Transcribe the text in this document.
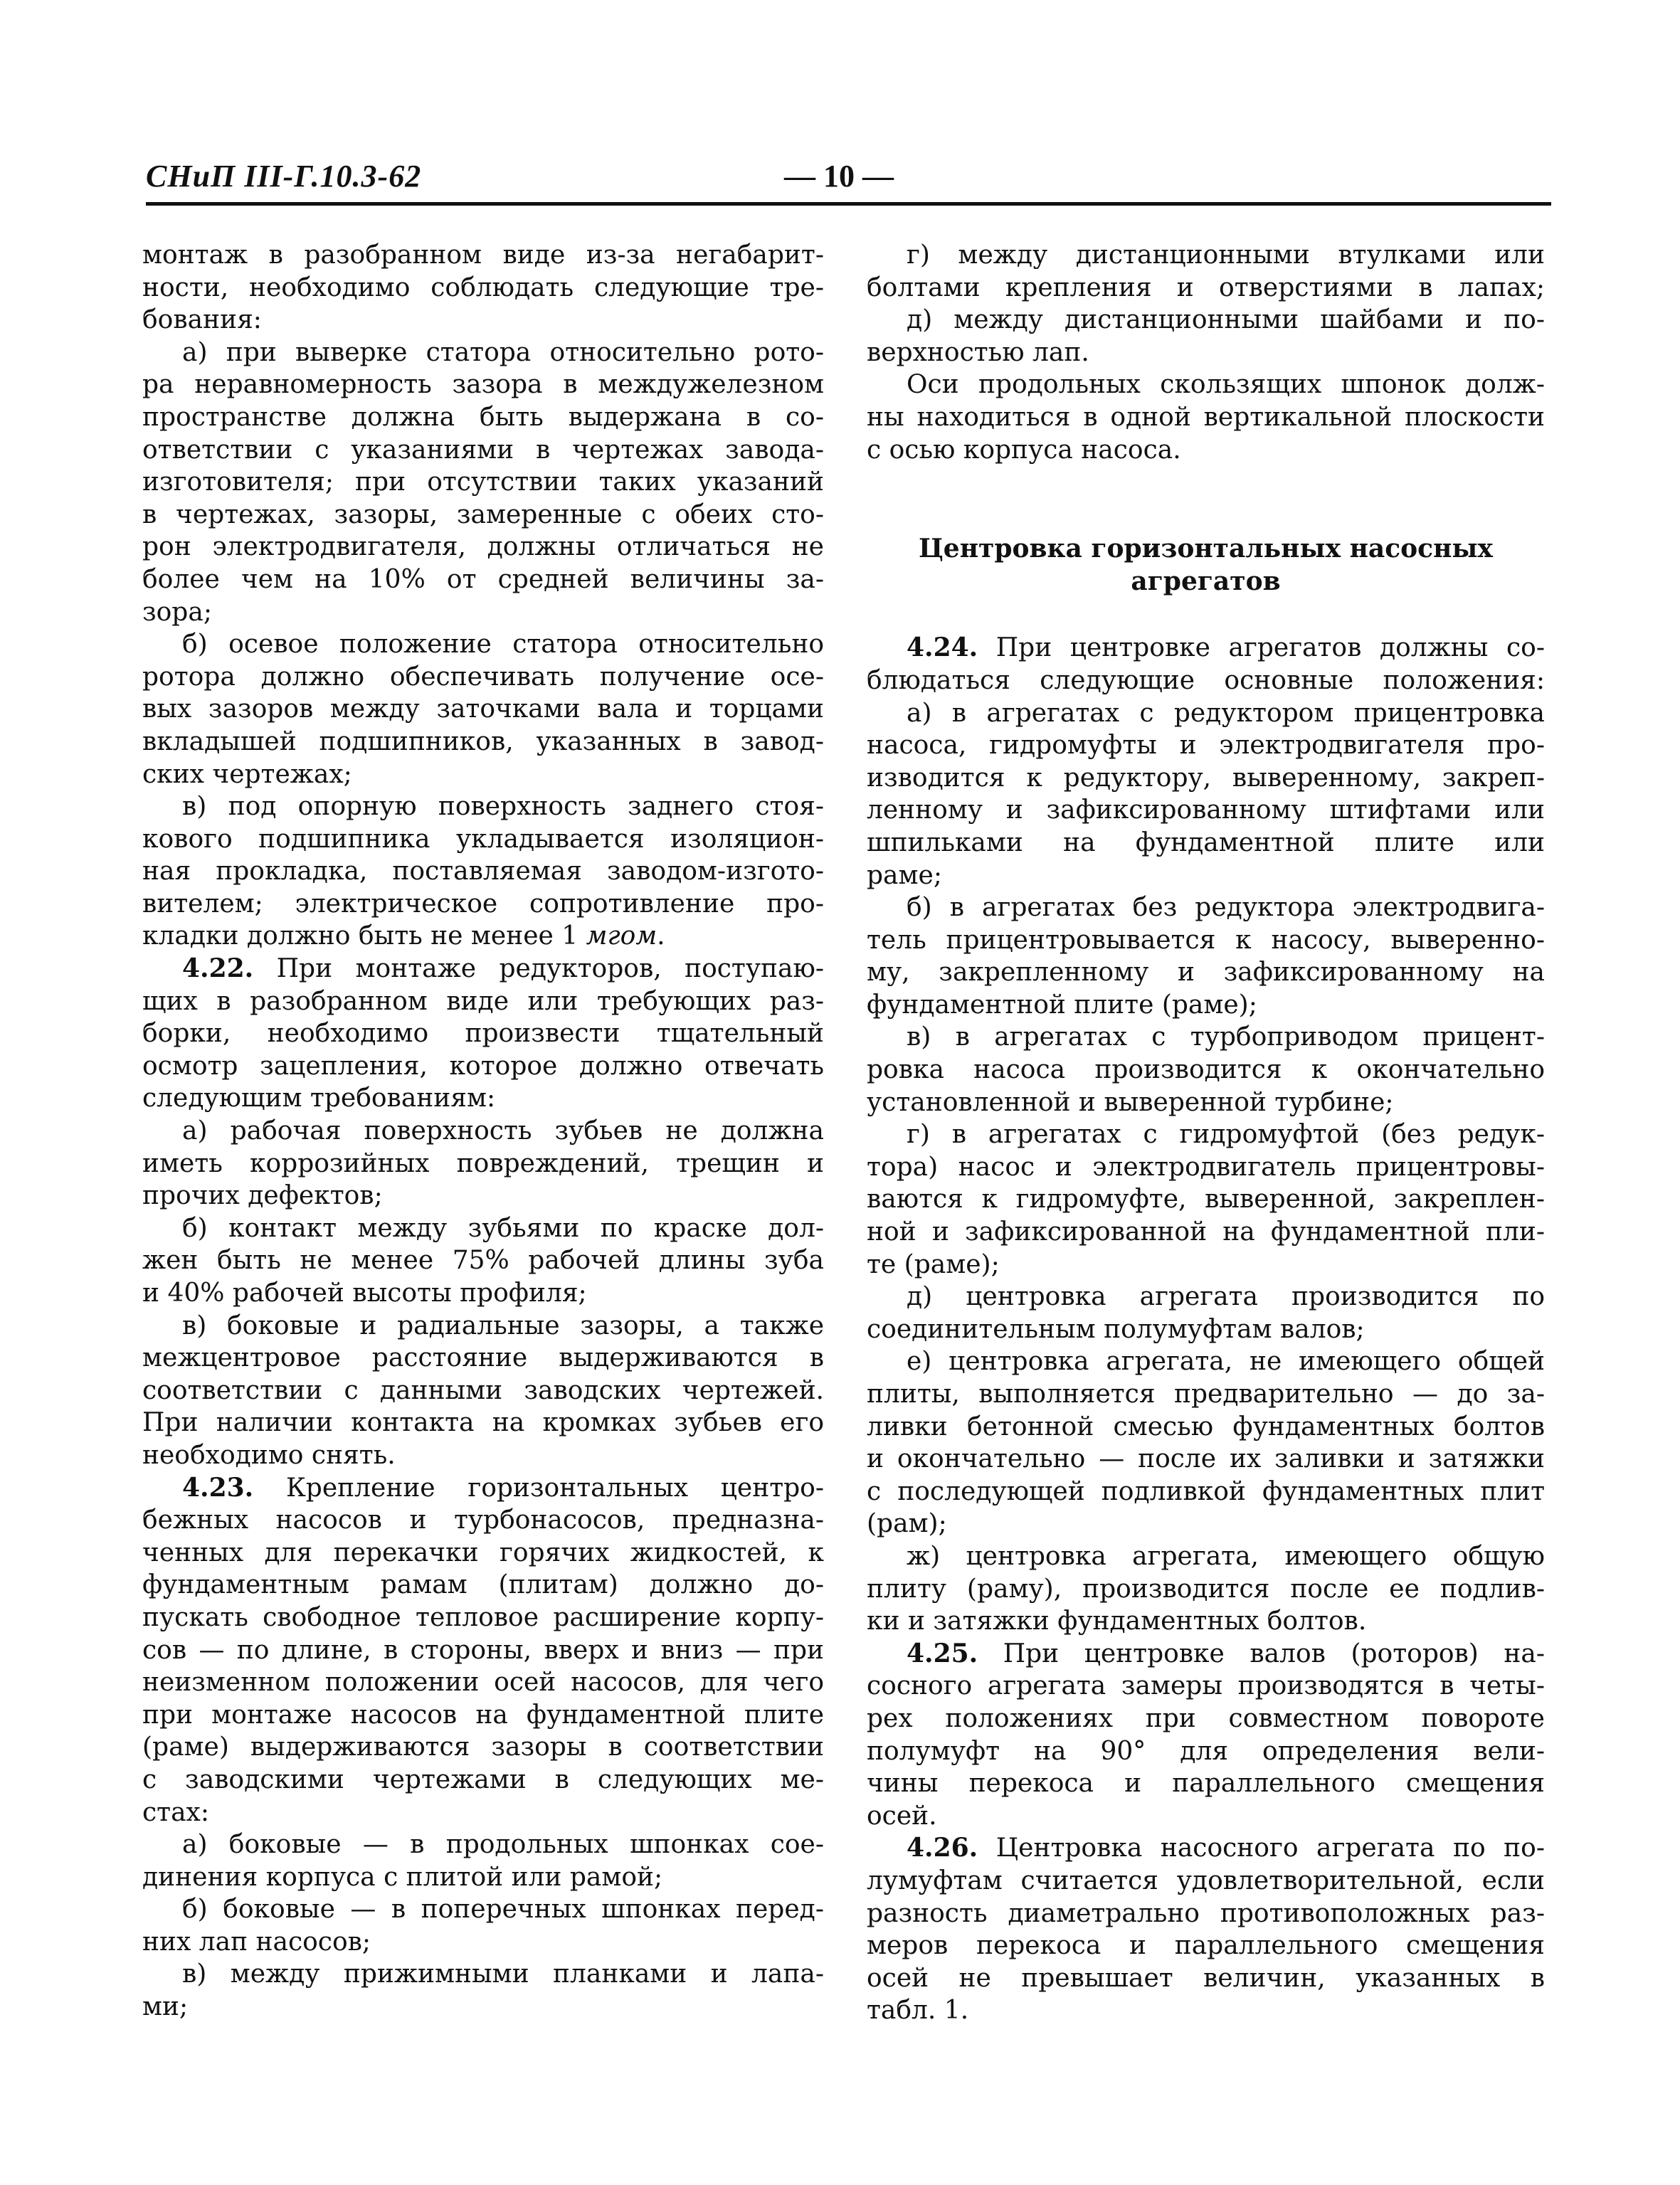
СНиП III-Г.10.3-62	— 10 —
монтаж в разобранном виде из-за негабарит-
ности, необходимо соблюдать следующие тре-
бования:
а) при выверке статора относительно рото-
ра неравномерность зазора в междужелезном
пространстве должна быть выдержана в со-
ответствии с указаниями в чертежах завода-
изготовителя; при отсутствии таких указаний
в чертежах, зазоры, замеренные с обеих сто-
рон электродвигателя, должны отличаться не
более чем на 10% от средней величины за-
зора;
б) осевое положение статора относительно
ротора должно обеспечивать получение осе-
вых зазоров между заточками вала и торцами
вкладышей подшипников, указанных в завод-
ских чертежах;
в) под опорную поверхность заднего стоя-
кового подшипника укладывается изоляцион-
ная прокладка, поставляемая заводом-изгото-
вителем; электрическое сопротивление про-
кладки должно быть не менее 1 мгом.
4.22. При монтаже редукторов, поступаю-
щих в разобранном виде или требующих раз-
борки, необходимо произвести тщательный
осмотр зацепления, которое должно отвечать
следующим требованиям:
а) рабочая поверхность зубьев не должна
иметь коррозийных повреждений, трещин и
прочих дефектов;
б) контакт между зубьями по краске дол-
жен быть не менее 75% рабочей длины зуба
и 40% рабочей высоты профиля;
в) боковые и радиальные зазоры, а также
межцентровое расстояние выдерживаются в
соответствии с данными заводских чертежей.
При наличии контакта на кромках зубьев его
необходимо снять.
4.23. Крепление горизонтальных центро-
бежных насосов и турбонасосов, предназна-
ченных для перекачки горячих жидкостей, к
фундаментным рамам (плитам) должно до-
пускать свободное тепловое расширение корпу-
сов — по длине, в стороны, вверх и вниз — при
неизменном положении осей насосов, для чего
при монтаже насосов на фундаментной плите
(раме) выдерживаются зазоры в соответствии
с заводскими чертежами в следующих ме-
стах:
а) боковые — в продольных шпонках сое-
динения корпуса с плитой или рамой;
б) боковые — в поперечных шпонках перед-
них лап насосов;
в) между прижимными планками и лапа-
ми;
г) между дистанционными втулками или
болтами крепления и отверстиями в лапах;
д) между дистанционными шайбами и по-
верхностью лап.
Оси продольных скользящих шпонок долж-
ны находиться в одной вертикальной плоскости
с осью корпуса насоса.
Центровка горизонтальных насосных
агрегатов
4.24. При центровке агрегатов должны со-
блюдаться следующие основные положения:
а) в агрегатах с редуктором прицентровка
насоса, гидромуфты и электродвигателя про-
изводится к редуктору, выверенному, закреп-
ленному и зафиксированному штифтами или
шпильками на фундаментной плите или
раме;
б) в агрегатах без редуктора электродвига-
тель прицентровывается к насосу, выверенно-
му, закрепленному и зафиксированному на
фундаментной плите (раме);
в) в агрегатах с турбоприводом прицент-
ровка насоса производится к окончательно
установленной и выверенной турбине;
г) в агрегатах с гидромуфтой (без редук-
тора) насос и электродвигатель прицентровы-
ваются к гидромуфте, выверенной, закреплен-
ной и зафиксированной на фундаментной пли-
те (раме);
д) центровка агрегата производится по
соединительным полумуфтам валов;
е) центровка агрегата, не имеющего общей
плиты, выполняется предварительно — до за-
ливки бетонной смесью фундаментных болтов
и окончательно — после их заливки и затяжки
с последующей подливкой фундаментных плит
(рам);
ж) центровка агрегата, имеющего общую
плиту (раму), производится после ее подлив-
ки и затяжки фундаментных болтов.
4.25. При центровке валов (роторов) на-
сосного агрегата замеры производятся в четы-
рех положениях при совместном повороте
полумуфт на 90° для определения вели-
чины перекоса и параллельного смещения
осей.
4.26. Центровка насосного агрегата по по-
лумуфтам считается удовлетворительной, если
разность диаметрально противоположных раз-
меров перекоса и параллельного смещения
осей не превышает величин, указанных в
табл. 1.
